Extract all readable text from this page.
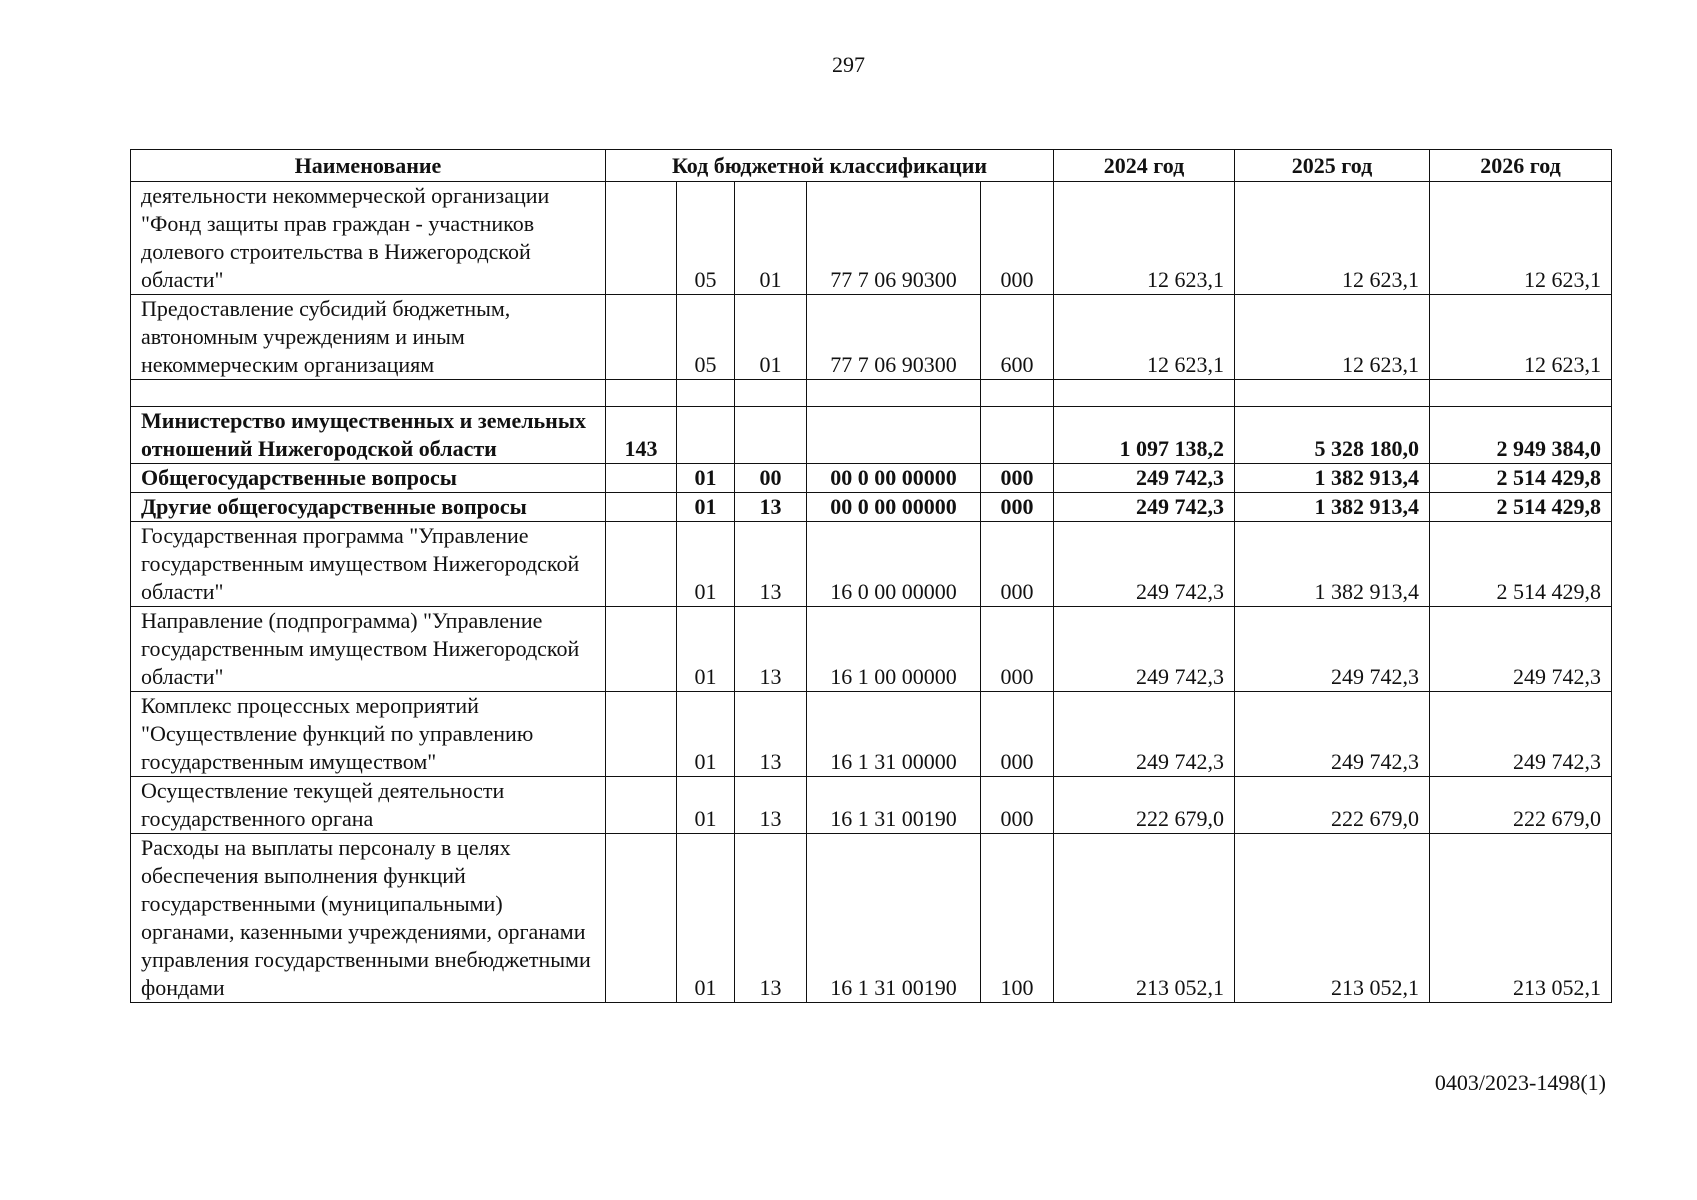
297
Наименование	Код бюджетной классификации					2024 год	2025 год	2026 год
деятельности некоммерческой организации "Фонд защиты прав граждан - участников долевого строительства в Нижегородской области"		05	01	77 7 06 90300	000	12 623,1	12 623,1	12 623,1
Предоставление субсидий бюджетным, автономным учреждениям и иным некоммерческим организациям		05	01	77 7 06 90300	600	12 623,1	12 623,1	12 623,1

Министерство имущественных и земельных отношений Нижегородской области	143					1 097 138,2	5 328 180,0	2 949 384,0
Общегосударственные вопросы		01	00	00 0 00 00000	000	249 742,3	1 382 913,4	2 514 429,8
Другие общегосударственные вопросы		01	13	00 0 00 00000	000	249 742,3	1 382 913,4	2 514 429,8
Государственная программа "Управление государственным имуществом Нижегородской области"		01	13	16 0 00 00000	000	249 742,3	1 382 913,4	2 514 429,8
Направление (подпрограмма) "Управление государственным имуществом Нижегородской области"		01	13	16 1 00 00000	000	249 742,3	249 742,3	249 742,3
Комплекс процессных мероприятий "Осуществление функций по управлению государственным имуществом"		01	13	16 1 31 00000	000	249 742,3	249 742,3	249 742,3
Осуществление текущей деятельности государственного органа		01	13	16 1 31 00190	000	222 679,0	222 679,0	222 679,0
Расходы на выплаты персоналу в целях обеспечения выполнения функций государственными (муниципальными) органами, казенными учреждениями, органами управления государственными внебюджетными фондами		01	13	16 1 31 00190	100	213 052,1	213 052,1	213 052,1
0403/2023-1498(1)
